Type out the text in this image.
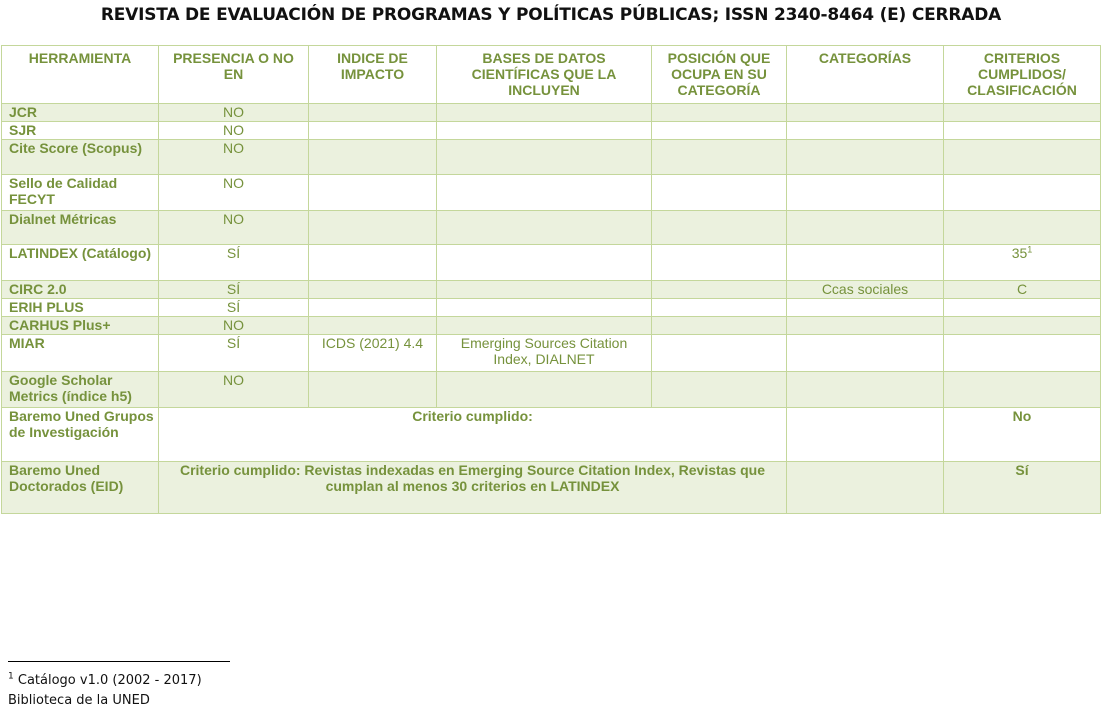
REVISTA DE EVALUACIÓN DE PROGRAMAS Y POLÍTICAS PÚBLICAS; ISSN 2340-8464 (E) CERRADA
HERRAMIENTA	PRESENCIA O NO EN	INDICE DE IMPACTO	BASES DE DATOS CIENTÍFICAS QUE LA INCLUYEN	POSICIÓN QUE OCUPA EN SU CATEGORÍA	CATEGORÍAS	CRITERIOS CUMPLIDOS/ CLASIFICACIÓN
JCR	NO					
SJR	NO					
Cite Score (Scopus)	NO					
Sello de Calidad FECYT	NO					
Dialnet Métricas	NO					
LATINDEX (Catálogo)	SÍ					$35^1$
CIRC 2.0	SÍ				Ccas sociales	C
ERIH PLUS	SÍ					
CARHUS Plus+	NO					
MIAR	SÍ	ICDS (2021) 4.4	Emerging Sources Citation Index, DIALNET			
Google Scholar Metrics (índice h5)	NO					
Baremo Uned Grupos de Investigación	Criterio cumplido:					No
Baremo Uned Doctorados (EID)	Criterio cumplido: Revistas indexadas en Emerging Source Citation Index, Revistas que cumplan al menos 30 criterios en LATINDEX					Sí
$^1$ Catálogo v1.0 (2002 - 2017)
Biblioteca de la UNED
